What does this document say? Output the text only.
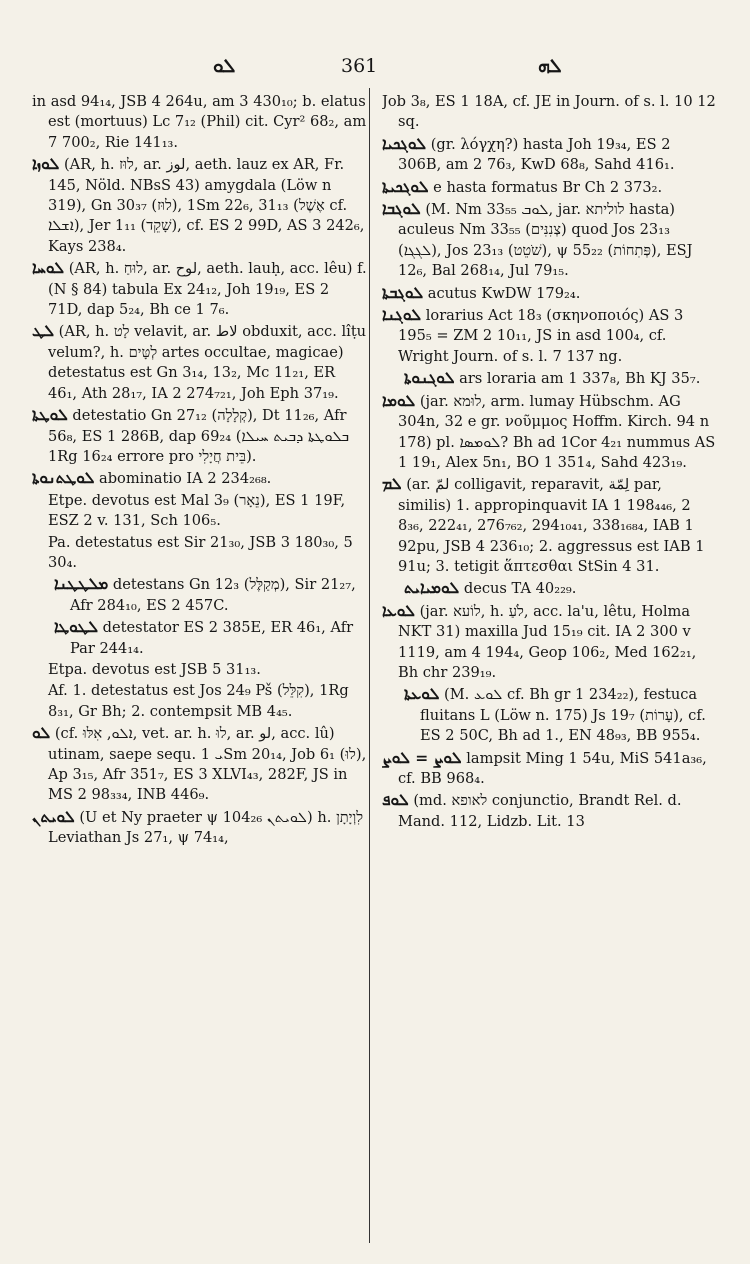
ܠܘ	361	ܠܗ
in asd 94₁₄, JSB 4 264u, am 3 430₁₀; b. elatus est (mortuus) Lc 7₁₂ (Phil) cit. Cyr² 68₂, am 7 700₂, Rie 141₁₃.
ܠܘܙܐ (AR, h. לוּז, ar. لوز, aeth. lauz ex AR, Fr. 145, Nöld. NBsS 43) amygdala (Löw n 319), Gn 30₃₇ (לוּז), 1Sm 22₆, 31₁₃ (אֶשֶׁל cf. ܐܫܠܐ), Jer 1₁₁ (שָׁקֵד), cf. ES 2 99D, AS 3 242₆, Kays 238₄.
ܠܘܚܐ (AR, h. לוּחַ, ar. لوح, aeth. lauḥ, acc. lêu) f. (N § 84) tabula Ex 24₁₂, Joh 19₁₉, ES 2 71D, dap 5₂₄, Bh ce 1 7₆.
ܠܛ (AR, h. לָט velavit, ar. لاط obduxit, acc. lîṭu velum?, h. לְטָּים artes occultae, magicae) detestatus est Gn 3₁₄, 13₂, Mc 11₂₁, ER 46₁, Ath 28₁₇, IA 2 274₇₂₁, Joh Eph 37₁₉.
ܠܘܛܬܐ detestatio Gn 27₁₂ (קְלָלָה), Dt 11₂₆, Afr 56₈, ES 1 286B, dap 69₂₄ (ܒܠܘܛܬܐ ܕܒܝܬ ܚܝܠܐ 1Rg 16₂₄ errore pro בֵּית חֲיָלִי).
ܠܘܛܬܢܘܬܐ abominatio IA 2 234₂₆₈.
Etpe. devotus est Mal 3₉ (נֵאָר), ES 1 19F, ESZ 2 v. 131, Sch 106₅.
Pa. detestatus est Sir 21₃₀, JSB 3 180₃₀, 5 30₄.
ܡܠܛܛܢܐ detestans Gn 12₃ (מְקַלֶּל), Sir 21₂₇, Afr 284₁₀, ES 2 457C.
ܠܛܘܛܐ detestator ES 2 385E, ER 46₁, Afr Par 244₁₄.
Etpa. devotus est JSB 5 31₁₃.
Af. 1. detestatus est Jos 24₉ Pš (קִלֵּל), 1Rg 8₃₁, Gr Bh; 2. contempsit MB 4₄₅.
ܠܘ (cf. ܐܠܘ, אִלּוּ, vet. ar. h. לוּ, ar. لو, acc. lû) utinam, saepe sequ. ܝ 1Sm 20₁₄, Job 6₁ (לוּ), Ap 3₁₅, Afr 351₇, ES 3 XLVI₄₃, 282F, JS in MS 2 98₃₃₄, INB 446₉.
ܠܘܝܬܢ (U et Ny praeter ψ 104₂₆ ܠܘܝܬܢ) h. לִוְיָתָן Leviathan Js 27₁, ψ 74₁₄,
Job 3₈, ES 1 18A, cf. JE in Journ. of s. l. 10 12 sq.
ܠܘܓܟܝܐ (gr. λόγχη?) hasta Joh 19₃₄, ES 2 306B, am 2 76₃, KwD 68₈, Sahd 416₁.
ܠܘܓܟܝܬܐ e hasta formatus Br Ch 2 373₂.
ܠܘܓܒܐ (M. Nm 33₅₅ ܠܘܒ, jar. לוליתא hasta) aculeus Nm 33₅₅ (צְנִנִּים) quod Jos 23₁₃ (ܠܓܓܐ), Jos 23₁₃ (שֹׁטֵט), ψ 55₂₂ (פְּתִחוֹת), ESJ 12₆, Bal 268₁₄, Jul 79₁₅.
ܠܘܓܒܬܐ acutus KwDW 179₂₄.
ܠܘܓܢܐ lorarius Act 18₃ (σκηνοποιός) AS 3 195₅ = ZM 2 10₁₁, JS in asd 100₄, cf. Wright Journ. of s. l. 7 137 ng.
ܠܘܓܢܘܬܐ ars loraria am 1 337₈, Bh KJ 35₇.
ܠܘܡܐ (jar. לוּמא, arm. lumay Hübschm. AG 304n, 32 e gr. νοῦμμος Hoffm. Kirch. 94 n 178) pl. ܠܘܡܣܐ? Bh ad 1Cor 4₂₁ nummus AS 1 19₁, Alex 5n₁, BO 1 351₄, Sahd 423₁₉.
ܠܡ (ar. لمّ colligavit, reparavit, لِمّة par, similis) 1. appropinquavit IA 1 198₄₄₆, 2 8₃₆, 222₄₁, 276₇₆₂, 294₁₀₄₁, 338₁₆₈₄, IAB 1 92pu, JSB 4 236₁₀; 2. aggressus est IAB 1 91u; 3. tetigit ἅπτεσθαι StSin 4 31.
ܠܘܡܝܐܝܬ decus TA 40₂₂₉.
ܠܘܥܐ (jar. לוֹעא, h. לֹעַ, acc. la'u, lêtu, Holma NKT 31) maxilla Jud 15₁₉ cit. IA 2 300 v 1119, am 4 194₄, Geop 106₂, Med 162₂₁, Bh chr 239₁₉.
ܠܘܥܬܐ (M. ܠܘܥ cf. Bh gr 1 234₂₂), festuca fluitans L (Löw n. 175) Js 19₇ (עָרוֹת), cf. ES 2 50C, Bh ad 1., EN 48₉₃, BB 955₄.
ܠܘܨ = ܠܘܨ lampsit Ming 1 54u, MiS 541a₃₆, cf. BB 968₄.
ܠܘܦ (md. לאופא conjunctio, Brandt Rel. d. Mand. 112, Lidzb. Lit. 13
